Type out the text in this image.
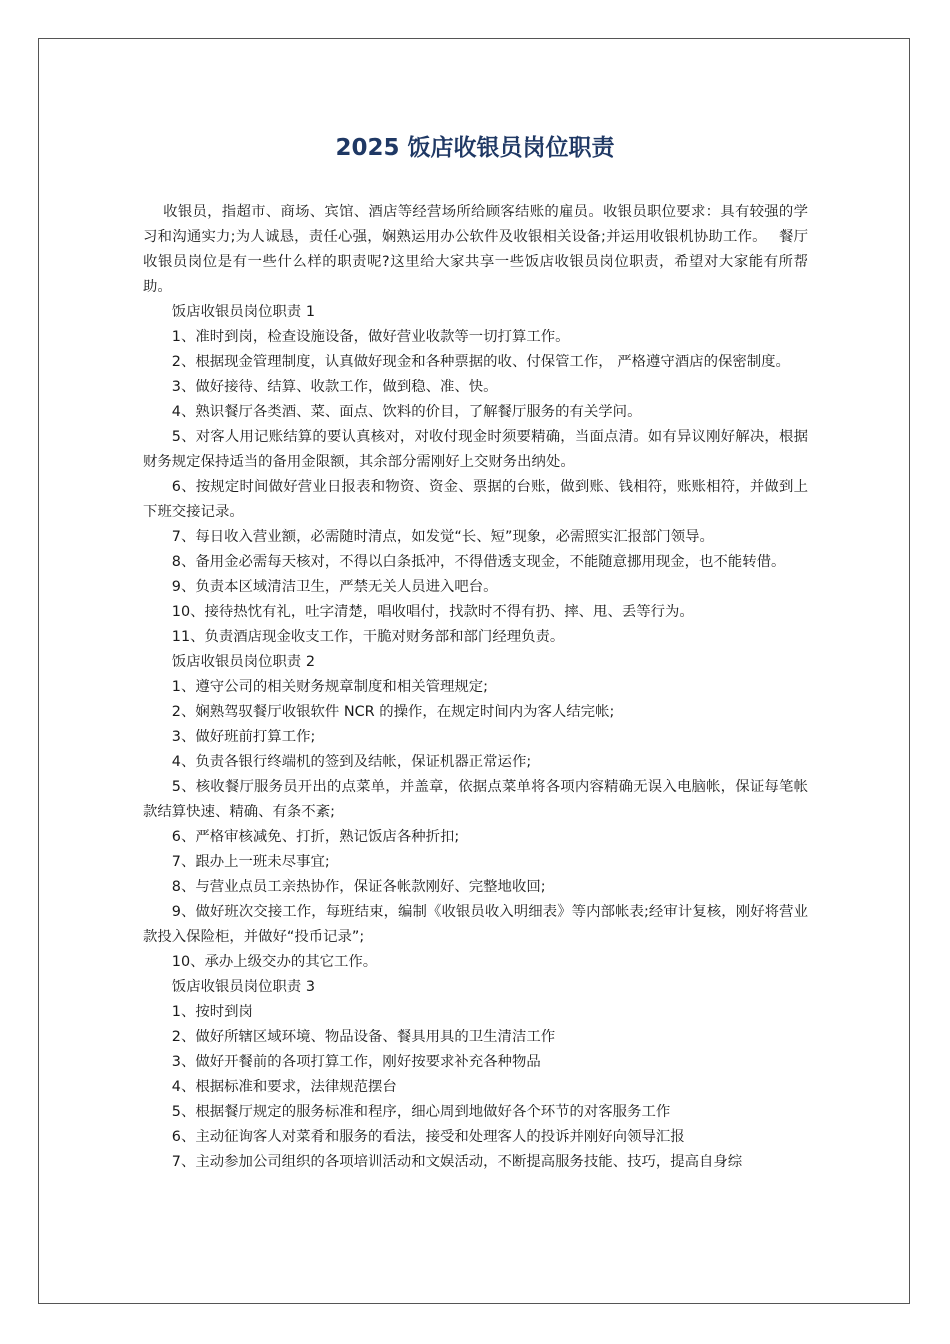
2025 饭店收银员岗位职责

收银员，指超市、商场、宾馆、酒店等经营场所给顾客结账的雇员。收银员职位要求：具有较强的学习和沟通实力;为人诚恳，责任心强，娴熟运用办公软件及收银相关设备;并运用收银机协助工作。　 餐厅收银员岗位是有一些什么样的职责呢?这里给大家共享一些饭店收银员岗位职责，希望对大家能有所帮助。

饭店收银员岗位职责 1

1、准时到岗，检查设施设备，做好营业收款等一切打算工作。

2、根据现金管理制度，认真做好现金和各种票据的收、付保管工作， 严格遵守酒店的保密制度。

3、做好接待、结算、收款工作，做到稳、准、快。

4、熟识餐厅各类酒、菜、面点、饮料的价目，了解餐厅服务的有关学问。

5、对客人用记账结算的要认真核对，对收付现金时须要精确，当面点清。如有异议刚好解决，根据财务规定保持适当的备用金限额，其余部分需刚好上交财务出纳处。

6、按规定时间做好营业日报表和物资、资金、票据的台账，做到账、钱相符，账账相符，并做到上下班交接记录。

7、每日收入营业额，必需随时清点，如发觉“长、短”现象，必需照实汇报部门领导。

8、备用金必需每天核对，不得以白条抵冲，不得借透支现金，不能随意挪用现金，也不能转借。

9、负责本区域清洁卫生，严禁无关人员进入吧台。

10、接待热忱有礼，吐字清楚，唱收唱付，找款时不得有扔、摔、甩、丢等行为。

11、负责酒店现金收支工作，干脆对财务部和部门经理负责。

饭店收银员岗位职责 2

1、遵守公司的相关财务规章制度和相关管理规定;

2、娴熟驾驭餐厅收银软件 NCR 的操作，在规定时间内为客人结完帐;

3、做好班前打算工作;

4、负责各银行终端机的签到及结帐，保证机器正常运作;

5、核收餐厅服务员开出的点菜单，并盖章，依据点菜单将各项内容精确无误入电脑帐，保证每笔帐款结算快速、精确、有条不紊;

6、严格审核减免、打折，熟记饭店各种折扣;

7、跟办上一班未尽事宜;

8、与营业点员工亲热协作，保证各帐款刚好、完整地收回;

9、做好班次交接工作，每班结束，编制《收银员收入明细表》等内部帐表;经审计复核，刚好将营业款投入保险柜，并做好“投币记录”;

10、承办上级交办的其它工作。

饭店收银员岗位职责 3

1、按时到岗

2、做好所辖区域环境、物品设备、餐具用具的卫生清洁工作

3、做好开餐前的各项打算工作，刚好按要求补充各种物品

4、根据标准和要求，法律规范摆台

5、根据餐厅规定的服务标准和程序，细心周到地做好各个环节的对客服务工作

6、主动征询客人对菜肴和服务的看法，接受和处理客人的投诉并刚好向领导汇报

7、主动参加公司组织的各项培训活动和文娱活动，不断提高服务技能、技巧，提高自身综
